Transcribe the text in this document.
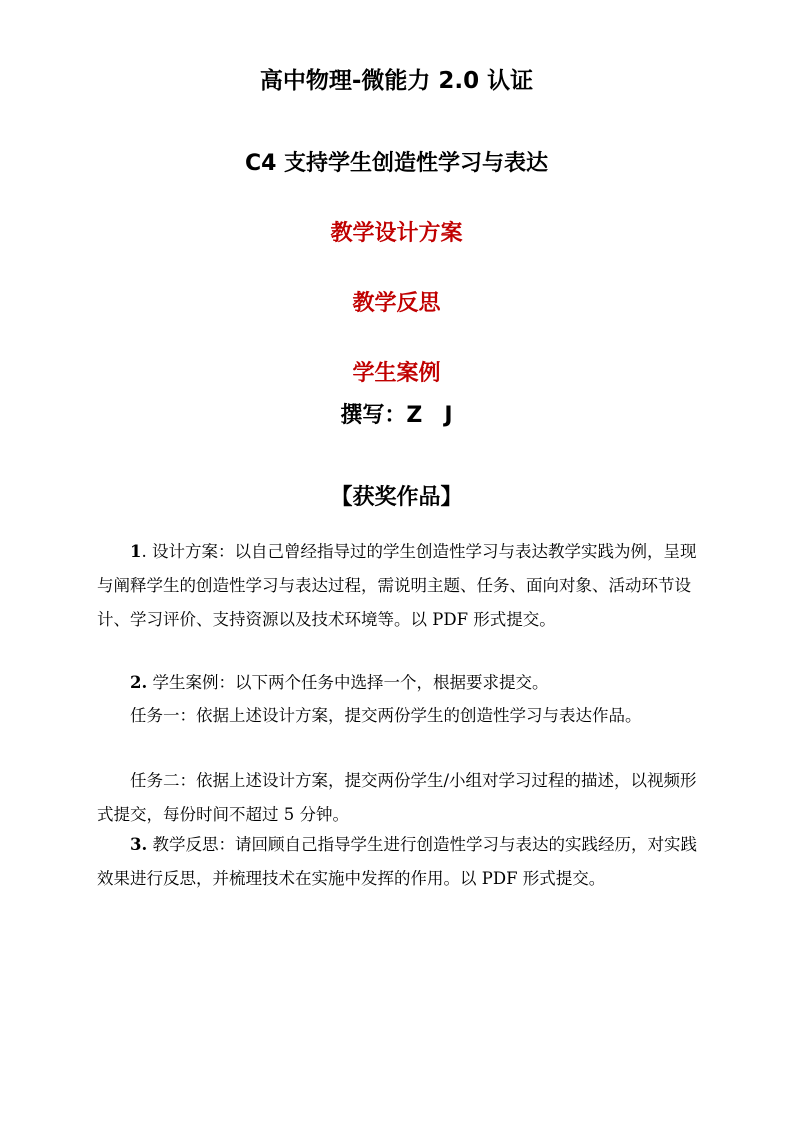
高中物理-微能力 2.0 认证
C4 支持学生创造性学习与表达
教学设计方案
教学反思
学生案例
撰写：Z　J
【获奖作品】

1. 设计方案：以自己曾经指导过的学生创造性学习与表达教学实践为例，呈现与阐释学生的创造性学习与表达过程，需说明主题、任务、面向对象、活动环节设计、学习评价、支持资源以及技术环境等。以 PDF 形式提交。

2. 学生案例：以下两个任务中选择一个，根据要求提交。

任务一：依据上述设计方案，提交两份学生的创造性学习与表达作品。

任务二：依据上述设计方案，提交两份学生/小组对学习过程的描述，以视频形式提交，每份时间不超过 5 分钟。

3. 教学反思：请回顾自己指导学生进行创造性学习与表达的实践经历，对实践效果进行反思，并梳理技术在实施中发挥的作用。以 PDF 形式提交。
